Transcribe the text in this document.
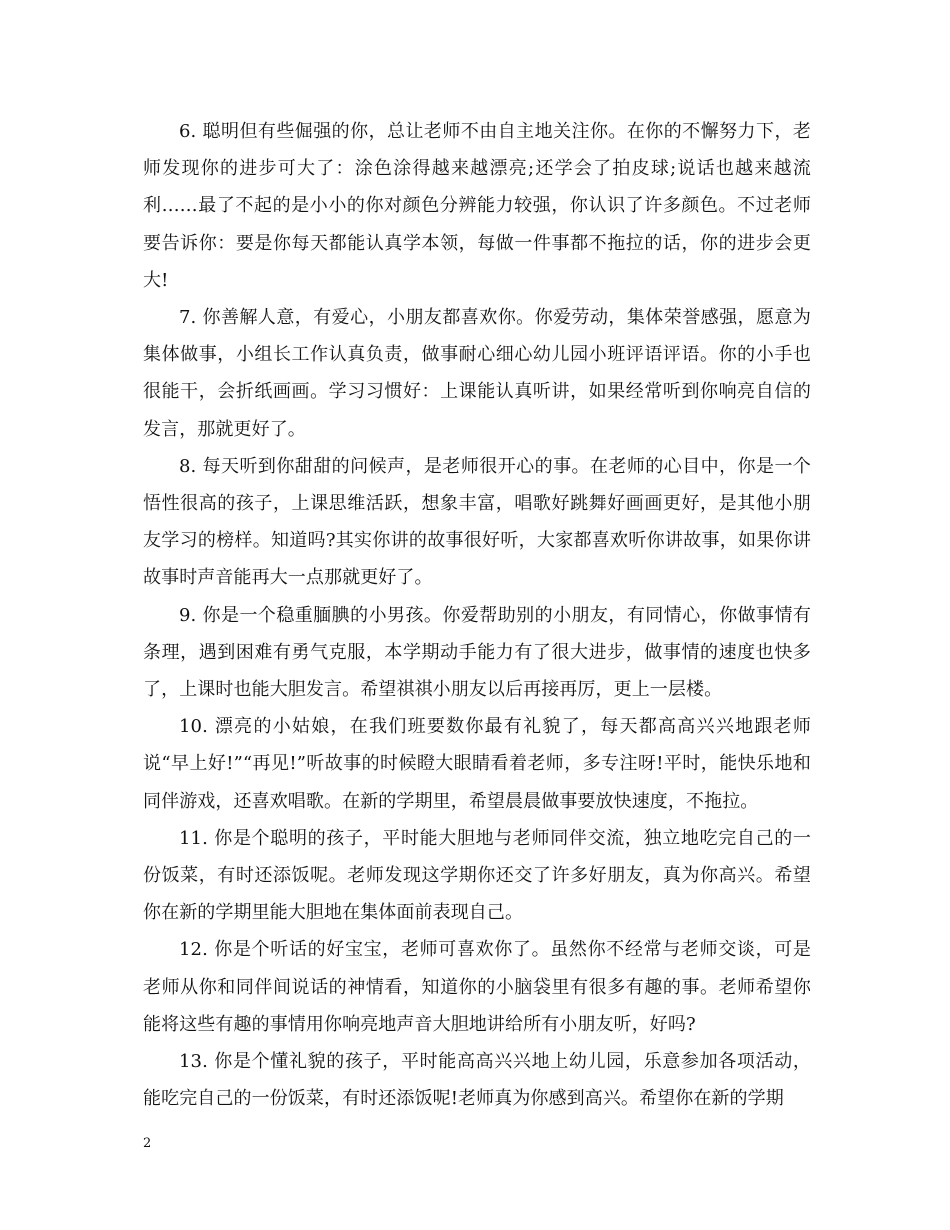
6. 聪明但有些倔强的你，总让老师不由自主地关注你。在你的不懈努力下，老师发现你的进步可大了：涂色涂得越来越漂亮;还学会了拍皮球;说话也越来越流利……最了不起的是小小的你对颜色分辨能力较强，你认识了许多颜色。不过老师要告诉你：要是你每天都能认真学本领，每做一件事都不拖拉的话，你的进步会更大!

7. 你善解人意，有爱心，小朋友都喜欢你。你爱劳动，集体荣誉感强，愿意为集体做事，小组长工作认真负责，做事耐心细心幼儿园小班评语评语。你的小手也很能干，会折纸画画。学习习惯好：上课能认真听讲，如果经常听到你响亮自信的发言，那就更好了。

8. 每天听到你甜甜的问候声，是老师很开心的事。在老师的心目中，你是一个悟性很高的孩子，上课思维活跃，想象丰富，唱歌好跳舞好画画更好，是其他小朋友学习的榜样。知道吗?其实你讲的故事很好听，大家都喜欢听你讲故事，如果你讲故事时声音能再大一点那就更好了。

9. 你是一个稳重腼腆的小男孩。你爱帮助别的小朋友，有同情心，你做事情有条理，遇到困难有勇气克服，本学期动手能力有了很大进步，做事情的速度也快多了，上课时也能大胆发言。希望祺祺小朋友以后再接再厉，更上一层楼。

10. 漂亮的小姑娘，在我们班要数你最有礼貌了，每天都高高兴兴地跟老师说“早上好!”“再见!”听故事的时候瞪大眼睛看着老师，多专注呀!平时，能快乐地和同伴游戏，还喜欢唱歌。在新的学期里，希望晨晨做事要放快速度，不拖拉。

11. 你是个聪明的孩子，平时能大胆地与老师同伴交流，独立地吃完自己的一份饭菜，有时还添饭呢。老师发现这学期你还交了许多好朋友，真为你高兴。希望你在新的学期里能大胆地在集体面前表现自己。

12. 你是个听话的好宝宝，老师可喜欢你了。虽然你不经常与老师交谈，可是老师从你和同伴间说话的神情看，知道你的小脑袋里有很多有趣的事。老师希望你能将这些有趣的事情用你响亮地声音大胆地讲给所有小朋友听，好吗?

13. 你是个懂礼貌的孩子，平时能高高兴兴地上幼儿园，乐意参加各项活动，能吃完自己的一份饭菜，有时还添饭呢!老师真为你感到高兴。希望你在新的学期

2
